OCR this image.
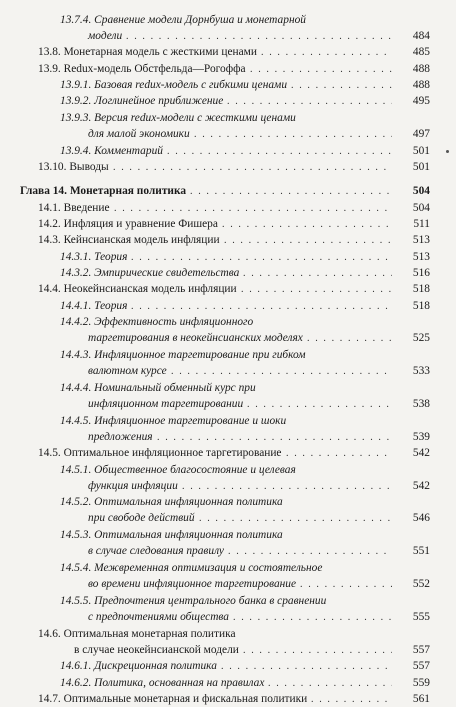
13.7.4. Сравнение модели Дорнбуша и монетарной
модели . . .	484
13.8. Монетарная модель с жесткими ценами . . .	485
13.9. Redux-модель Обстфельда—Рогоффа . . .	488
13.9.1. Базовая redux-модель с гибкими ценами . . .	488
13.9.2. Логлинейное приближение . . .	495
13.9.3. Версия redux-модели с жесткими ценами
для малой экономики . . .	497
13.9.4. Комментарий . . .	501
13.10. Выводы . . .	501
Глава 14. Монетарная политика . . .	504
14.1. Введение . . .	504
14.2. Инфляция и уравнение Фишера . . .	511
14.3. Кейнсианская модель инфляции . . .	513
14.3.1. Теория . . .	513
14.3.2. Эмпирические свидетельства . . .	516
14.4. Неокейнсианская модель инфляции . . .	518
14.4.1. Теория . . .	518
14.4.2. Эффективность инфляционного
таргетирования в неокейнсианских моделях . . .	525
14.4.3. Инфляционное таргетирование при гибком
валютном курсе . . .	533
14.4.4. Номинальный обменный курс при
инфляционном таргетировании . . .	538
14.4.5. Инфляционное таргетирование и шоки
предложения . . .	539
14.5. Оптимальное инфляционное таргетирование . . .	542
14.5.1. Общественное благосостояние и целевая
функция инфляции . . .	542
14.5.2. Оптимальная инфляционная политика
при свободе действий . . .	546
14.5.3. Оптимальная инфляционная политика
в случае следования правилу . . .	551
14.5.4. Межвременная оптимизация и состоятельное
во времени инфляционное таргетирование . . .	552
14.5.5. Предпочтения центрального банка в сравнении
с предпочтениями общества . . .	555
14.6. Оптимальная монетарная политика
в случае неокейнсианской модели . . .	557
14.6.1. Дискреционная политика . . .	557
14.6.2. Политика, основанная на правилах . . .	559
14.7. Оптимальные монетарная и фискальная политики . . .	561
